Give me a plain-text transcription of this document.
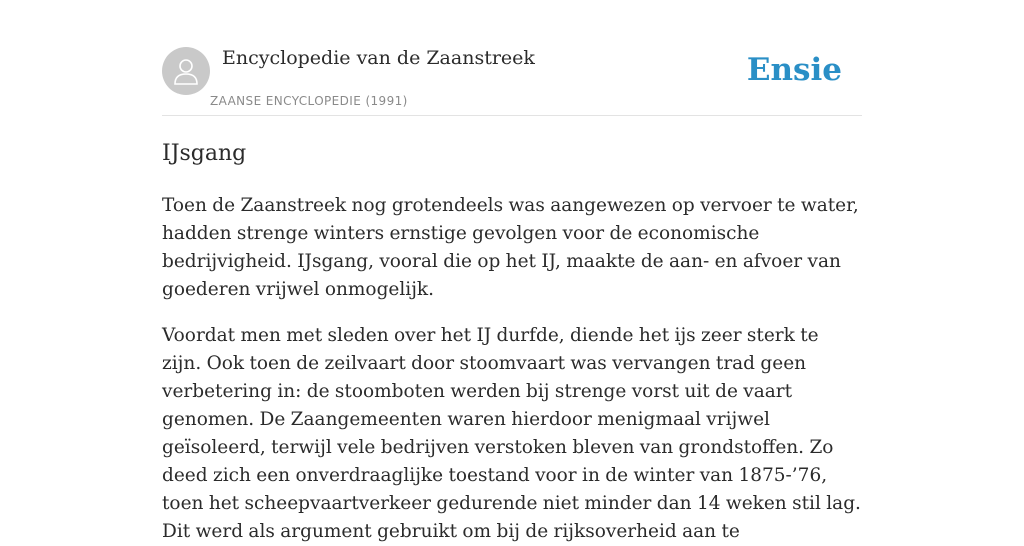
Encyclopedie van de Zaanstreek
ZAANSE ENCYCLOPEDIE (1991)
Ensie
IJsgang

Toen de Zaanstreek nog grotendeels was aangewezen op vervoer te water, hadden strenge winters ernstige gevolgen voor de economische bedrijvigheid. IJsgang, vooral die op het IJ, maakte de aan- en afvoer van goederen vrijwel onmogelijk.

Voordat men met sleden over het IJ durfde, diende het ijs zeer sterk te zijn. Ook toen de zeilvaart door stoomvaart was vervangen trad geen verbetering in: de stoomboten werden bij strenge vorst uit de vaart genomen. De Zaangemeenten waren hierdoor menigmaal vrijwel geïsoleerd, terwijl vele bedrijven verstoken bleven van grondstoffen. Zo deed zich een onverdraaglijke toestand voor in de winter van 1875-’76, toen het scheepvaartverkeer gedurende niet minder dan 14 weken stil lag. Dit werd als argument gebruikt om bij de rijksoverheid aan te
